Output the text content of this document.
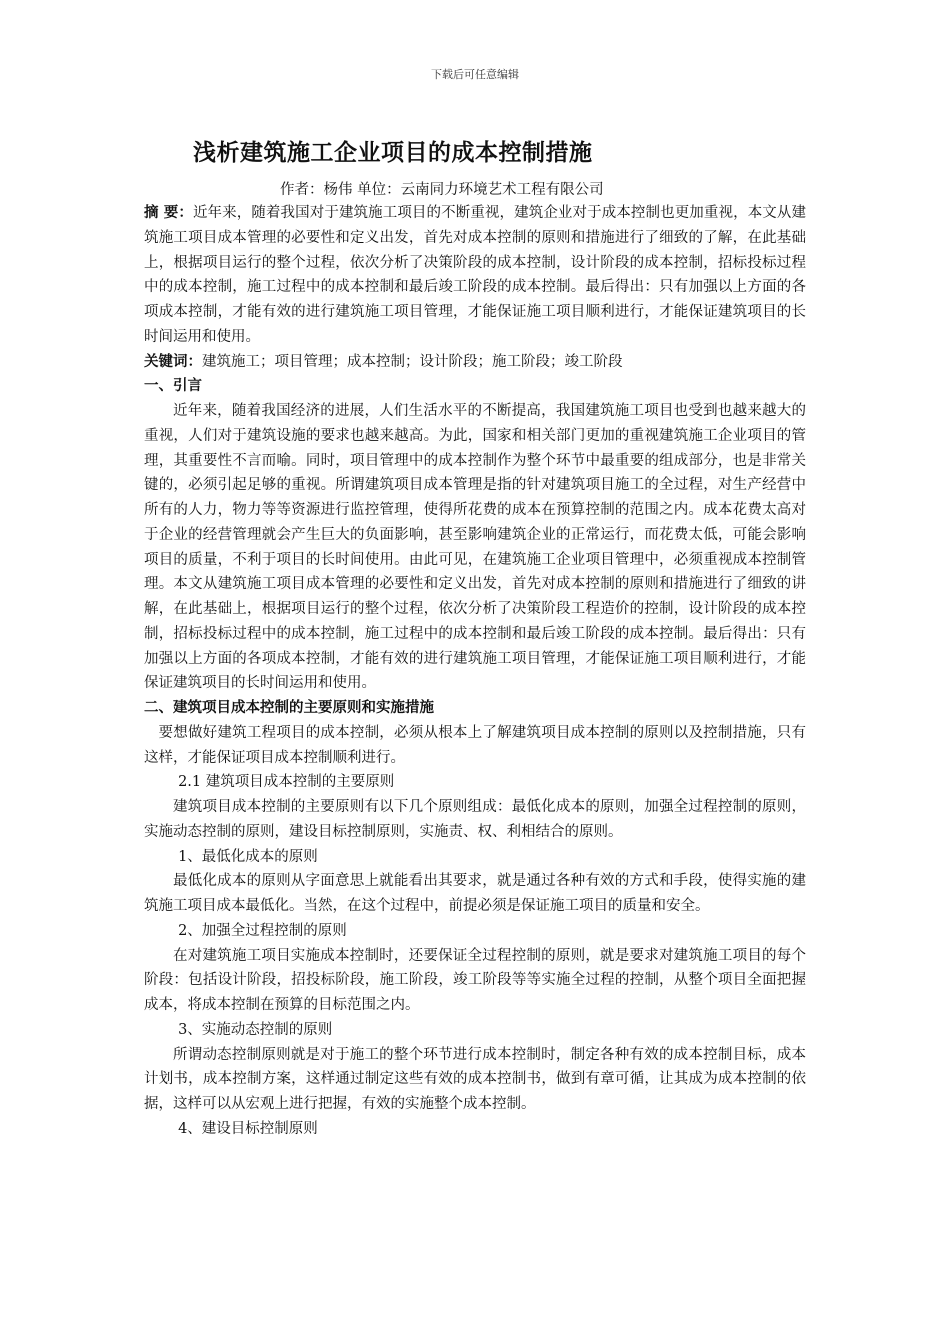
下载后可任意编辑
浅析建筑施工企业项目的成本控制措施
作者：杨伟 单位：云南同力环境艺术工程有限公司

摘 要：近年来，随着我国对于建筑施工项目的不断重视，建筑企业对于成本控制也更加重视，本文从建筑施工项目成本管理的必要性和定义出发，首先对成本控制的原则和措施进行了细致的了解，在此基础上，根据项目运行的整个过程，依次分析了决策阶段的成本控制，设计阶段的成本控制，招标投标过程中的成本控制，施工过程中的成本控制和最后竣工阶段的成本控制。最后得出：只有加强以上方面的各项成本控制，才能有效的进行建筑施工项目管理，才能保证施工项目顺利进行，才能保证建筑项目的长时间运用和使用。

关键词：建筑施工；项目管理；成本控制；设计阶段；施工阶段；竣工阶段

一、引言

近年来，随着我国经济的进展，人们生活水平的不断提高，我国建筑施工项目也受到也越来越大的重视，人们对于建筑设施的要求也越来越高。为此，国家和相关部门更加的重视建筑施工企业项目的管理，其重要性不言而喻。同时，项目管理中的成本控制作为整个环节中最重要的组成部分，也是非常关键的，必须引起足够的重视。所谓建筑项目成本管理是指的针对建筑项目施工的全过程，对生产经营中所有的人力，物力等等资源进行监控管理，使得所花费的成本在预算控制的范围之内。成本花费太高对于企业的经营管理就会产生巨大的负面影响，甚至影响建筑企业的正常运行，而花费太低，可能会影响项目的质量，不利于项目的长时间使用。由此可见，在建筑施工企业项目管理中，必须重视成本控制管理。本文从建筑施工项目成本管理的必要性和定义出发，首先对成本控制的原则和措施进行了细致的讲解，在此基础上，根据项目运行的整个过程，依次分析了决策阶段工程造价的控制，设计阶段的成本控制，招标投标过程中的成本控制，施工过程中的成本控制和最后竣工阶段的成本控制。最后得出：只有加强以上方面的各项成本控制，才能有效的进行建筑施工项目管理，才能保证施工项目顺利进行，才能保证建筑项目的长时间运用和使用。

二、建筑项目成本控制的主要原则和实施措施

要想做好建筑工程项目的成本控制，必须从根本上了解建筑项目成本控制的原则以及控制措施，只有这样，才能保证项目成本控制顺利进行。

2.1 建筑项目成本控制的主要原则

建筑项目成本控制的主要原则有以下几个原则组成：最低化成本的原则，加强全过程控制的原则，实施动态控制的原则，建设目标控制原则，实施责、权、利相结合的原则。

1、最低化成本的原则

最低化成本的原则从字面意思上就能看出其要求，就是通过各种有效的方式和手段，使得实施的建筑施工项目成本最低化。当然，在这个过程中，前提必须是保证施工项目的质量和安全。

2、加强全过程控制的原则

在对建筑施工项目实施成本控制时，还要保证全过程控制的原则，就是要求对建筑施工项目的每个阶段：包括设计阶段，招投标阶段，施工阶段，竣工阶段等等实施全过程的控制，从整个项目全面把握成本，将成本控制在预算的目标范围之内。

3、实施动态控制的原则

所谓动态控制原则就是对于施工的整个环节进行成本控制时，制定各种有效的成本控制目标，成本计划书，成本控制方案，这样通过制定这些有效的成本控制书，做到有章可循，让其成为成本控制的依据，这样可以从宏观上进行把握，有效的实施整个成本控制。

4、建设目标控制原则
